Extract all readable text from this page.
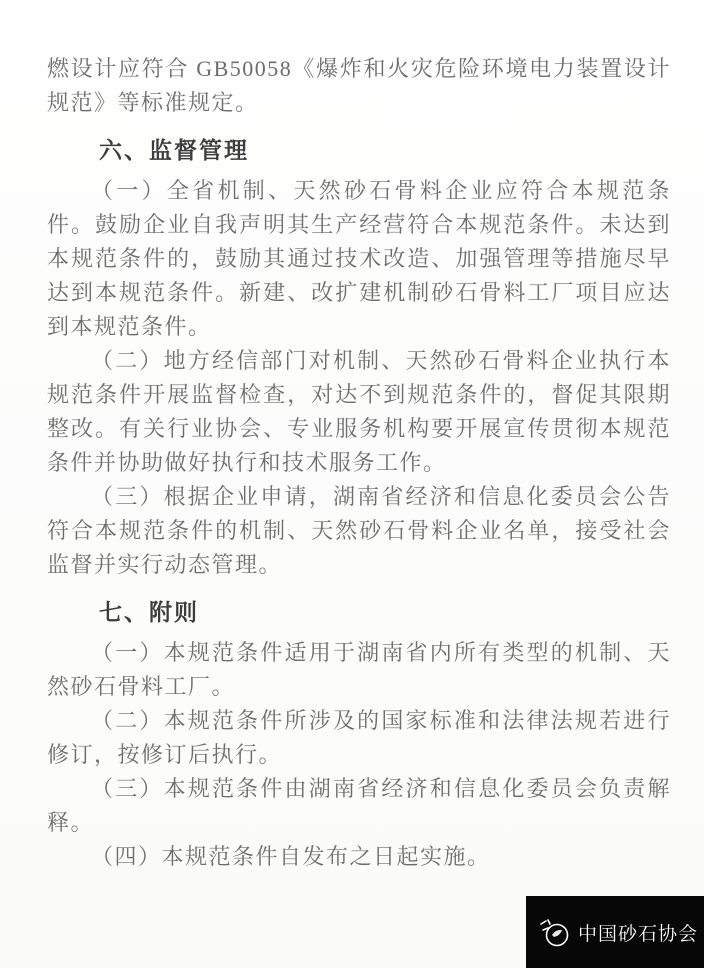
燃设计应符合 GB50058《爆炸和火灾危险环境电力装置设计规范》等标准规定。

六、监督管理

（一）全省机制、天然砂石骨料企业应符合本规范条件。鼓励企业自我声明其生产经营符合本规范条件。未达到本规范条件的，鼓励其通过技术改造、加强管理等措施尽早达到本规范条件。新建、改扩建机制砂石骨料工厂项目应达到本规范条件。

（二）地方经信部门对机制、天然砂石骨料企业执行本规范条件开展监督检查，对达不到规范条件的，督促其限期整改。有关行业协会、专业服务机构要开展宣传贯彻本规范条件并协助做好执行和技术服务工作。

（三）根据企业申请，湖南省经济和信息化委员会公告符合本规范条件的机制、天然砂石骨料企业名单，接受社会监督并实行动态管理。

七、附则

（一）本规范条件适用于湖南省内所有类型的机制、天然砂石骨料工厂。

（二）本规范条件所涉及的国家标准和法律法规若进行修订，按修订后执行。

（三）本规范条件由湖南省经济和信息化委员会负责解释。

（四）本规范条件自发布之日起实施。

中国砂石协会
